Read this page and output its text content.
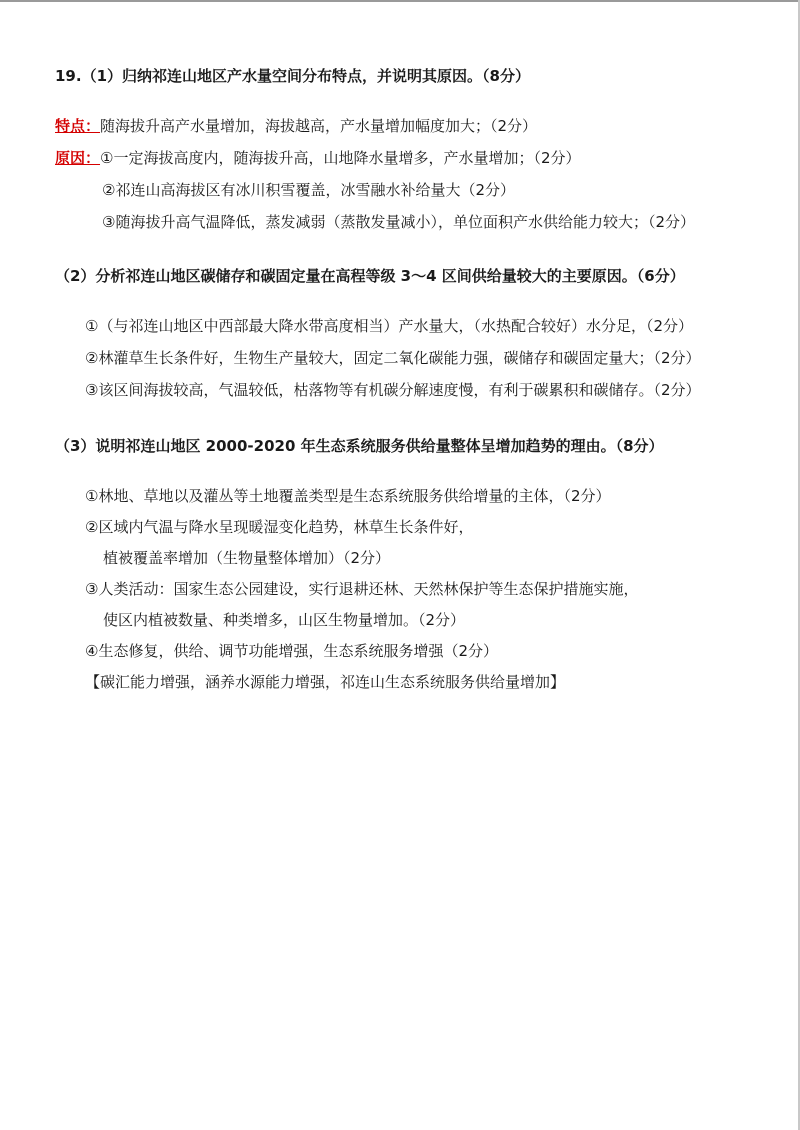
19.（1）归纳祁连山地区产水量空间分布特点，并说明其原因。（8分）
特点：随海拔升高产水量增加，海拔越高，产水量增加幅度加大；（2分）
原因：①一定海拔高度内，随海拔升高，山地降水量增多，产水量增加；（2分）
②祁连山高海拔区有冰川积雪覆盖，冰雪融水补给量大（2分）
③随海拔升高气温降低，蒸发减弱（蒸散发量减小），单位面积产水供给能力较大；（2分）
（2）分析祁连山地区碳储存和碳固定量在高程等级 3～4 区间供给量较大的主要原因。（6分）
①（与祁连山地区中西部最大降水带高度相当）产水量大，（水热配合较好）水分足，（2分）
②林灌草生长条件好，生物生产量较大，固定二氧化碳能力强，碳储存和碳固定量大；（2分）
③该区间海拔较高，气温较低，枯落物等有机碳分解速度慢，有利于碳累积和碳储存。（2分）
（3）说明祁连山地区 2000-2020 年生态系统服务供给量整体呈增加趋势的理由。（8分）
①林地、草地以及灌丛等土地覆盖类型是生态系统服务供给增量的主体，（2分）
②区域内气温与降水呈现暖湿变化趋势，林草生长条件好，
植被覆盖率增加（生物量整体增加）（2分）
③人类活动：国家生态公园建设，实行退耕还林、天然林保护等生态保护措施实施，
使区内植被数量、种类增多，山区生物量增加。（2分）
④生态修复，供给、调节功能增强，生态系统服务增强（2分）
【碳汇能力增强，涵养水源能力增强，祁连山生态系统服务供给量增加】
